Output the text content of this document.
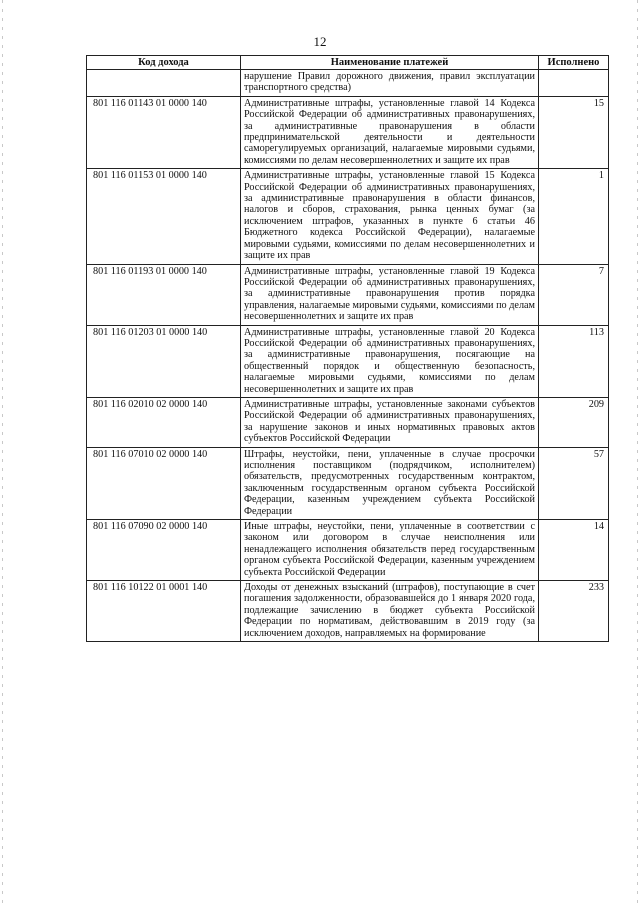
12
Код дохода	Наименование платежей	Исполнено
	нарушение Правил дорожного движения, правил эксплуатации транспортного средства)	
801 116 01143 01 0000 140	Административные штрафы, установленные главой 14 Кодекса Российской Федерации об административных правонарушениях, за административные правонарушения в области предпринимательской деятельности и деятельности саморегулируемых организаций, налагаемые мировыми судьями, комиссиями по делам несовершеннолетних и защите их прав	15
801 116 01153 01 0000 140	Административные штрафы, установленные главой 15 Кодекса Российской Федерации об административных правонарушениях, за административные правонарушения в области финансов, налогов и сборов, страхования, рынка ценных бумаг (за исключением штрафов, указанных в пункте 6 статьи 46 Бюджетного кодекса Российской Федерации), налагаемые мировыми судьями, комиссиями по делам несовершеннолетних и защите их прав	1
801 116 01193 01 0000 140	Административные штрафы, установленные главой 19 Кодекса Российской Федерации об административных правонарушениях, за административные правонарушения против порядка управления, налагаемые мировыми судьями, комиссиями по делам несовершеннолетних и защите их прав	7
801 116 01203 01 0000 140	Административные штрафы, установленные главой 20 Кодекса Российской Федерации об административных правонарушениях, за административные правонарушения, посягающие на общественный порядок и общественную безопасность, налагаемые мировыми судьями, комиссиями по делам несовершеннолетних и защите их прав	113
801 116 02010 02 0000 140	Административные штрафы, установленные законами субъектов Российской Федерации об административных правонарушениях, за нарушение законов и иных нормативных правовых актов субъектов Российской Федерации	209
801 116 07010 02 0000 140	Штрафы, неустойки, пени, уплаченные в случае просрочки исполнения поставщиком (подрядчиком, исполнителем) обязательств, предусмотренных государственным контрактом, заключенным государственным органом субъекта Российской Федерации, казенным учреждением субъекта Российской Федерации	57
801 116 07090 02 0000 140	Иные штрафы, неустойки, пени, уплаченные в соответствии с законом или договором в случае неисполнения или ненадлежащего исполнения обязательств перед государственным органом субъекта Российской Федерации, казенным учреждением субъекта Российской Федерации	14
801 116 10122 01 0001 140	Доходы от денежных взысканий (штрафов), поступающие в счет погашения задолженности, образовавшейся до 1 января 2020 года, подлежащие зачислению в бюджет субъекта Российской Федерации по нормативам, действовавшим в 2019 году (за исключением доходов, направляемых на формирование	233
